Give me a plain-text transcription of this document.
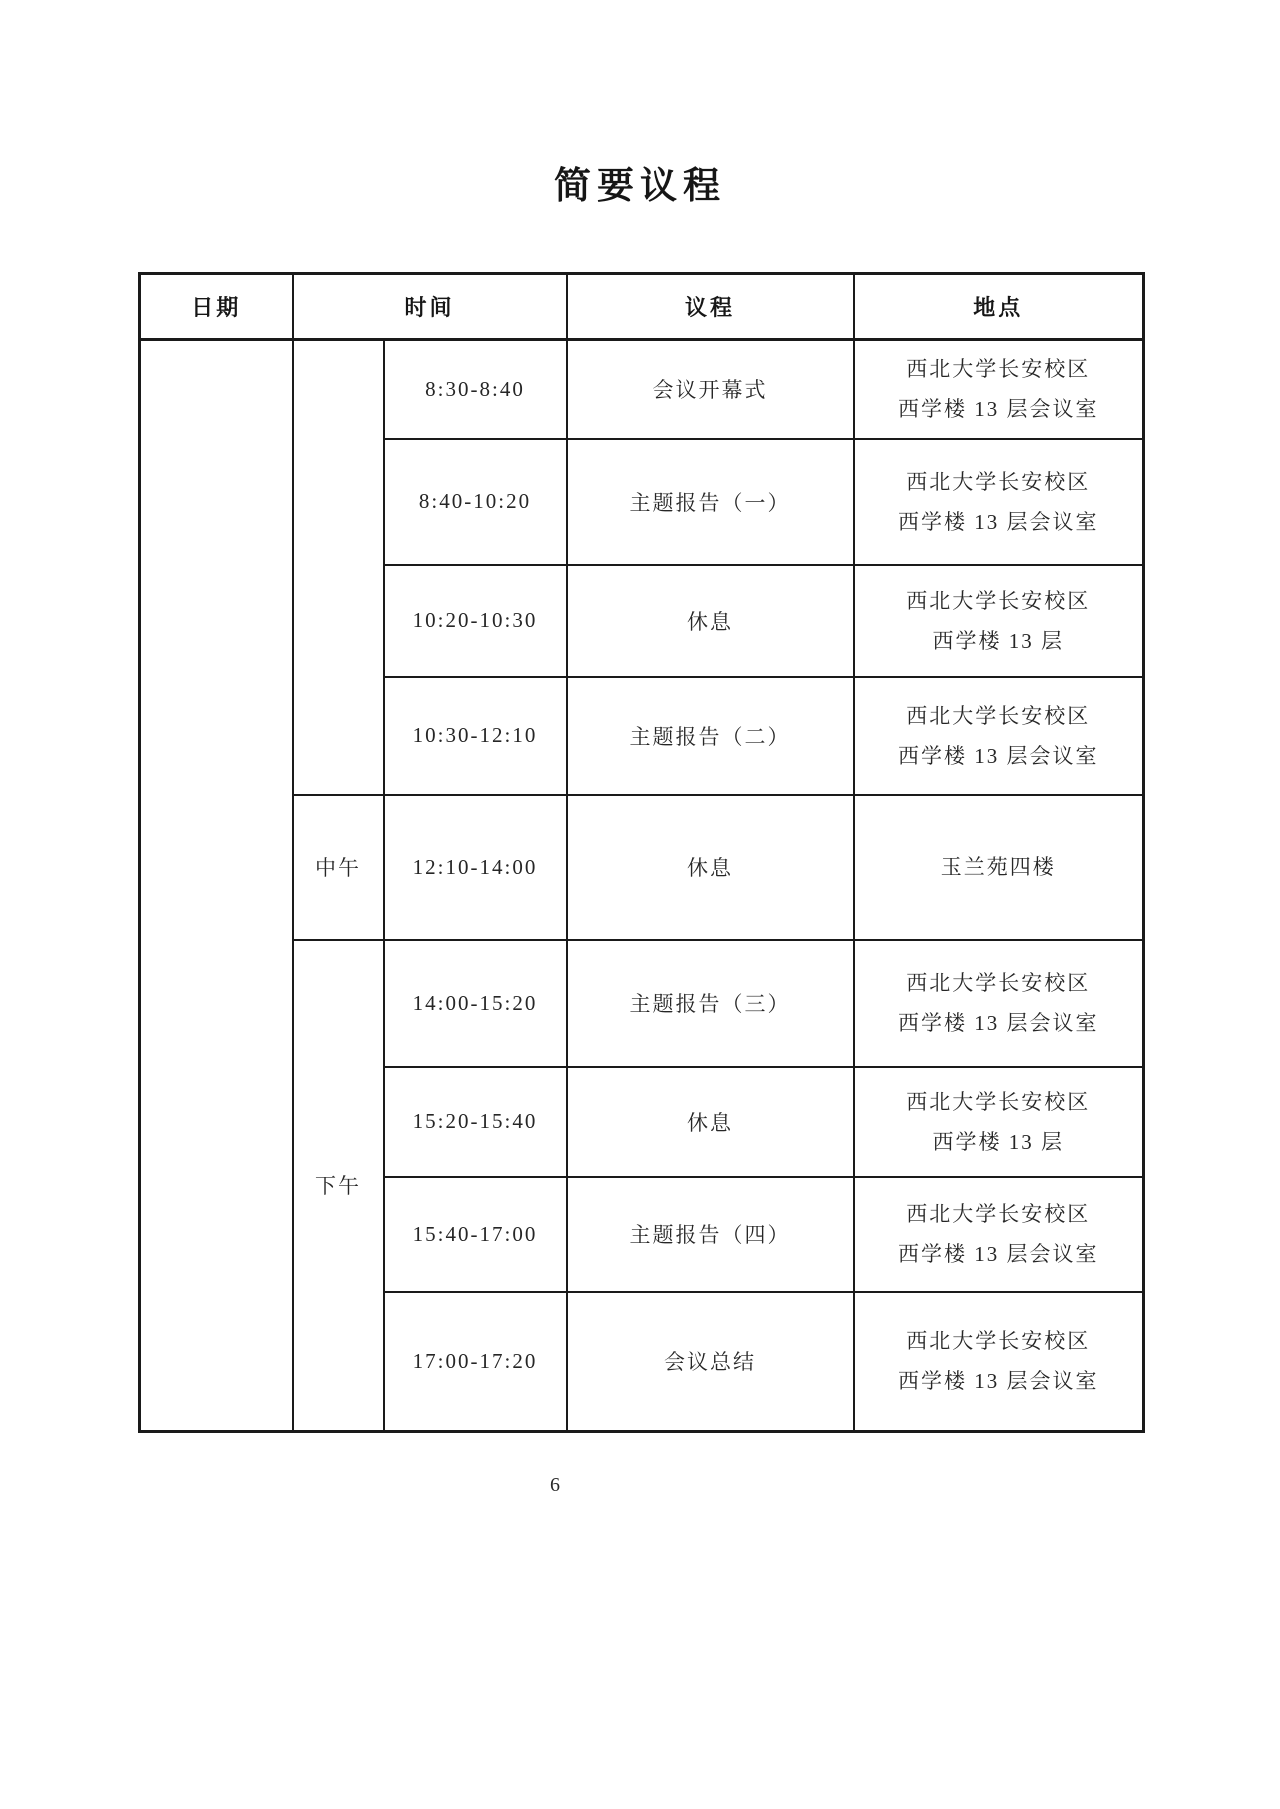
简要议程
日期	时间		议程	地点
		8:30-8:40	会议开幕式	西北大学长安校区
西学楼 13 层会议室

		8:40-10:20	主题报告（一）	西北大学长安校区
西学楼 13 层会议室

		10:20-10:30	休息	西北大学长安校区
西学楼 13 层

		10:30-12:10	主题报告（二）	西北大学长安校区
西学楼 13 层会议室

	中午	12:10-14:00	休息	玉兰苑四楼

	下午	14:00-15:20	主题报告（三）	西北大学长安校区
西学楼 13 层会议室

		15:20-15:40	休息	西北大学长安校区
西学楼 13 层

		15:40-17:00	主题报告（四）	西北大学长安校区
西学楼 13 层会议室

		17:00-17:20	会议总结	西北大学长安校区
西学楼 13 层会议室
6
